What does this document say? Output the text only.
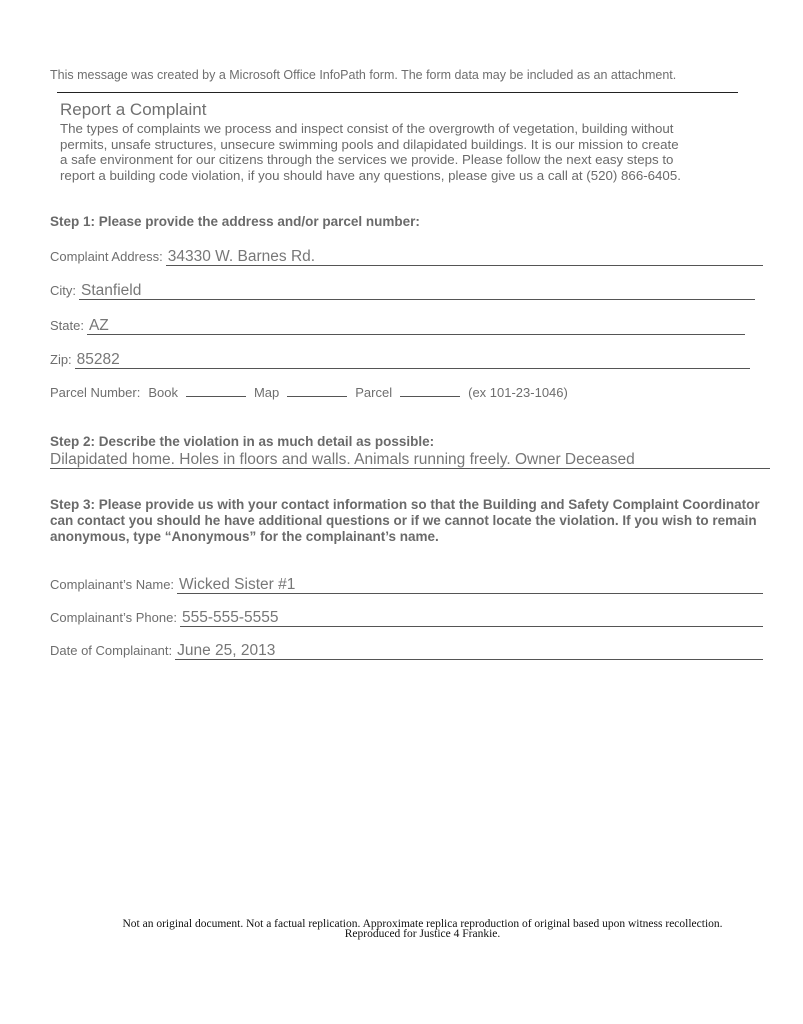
This message was created by a Microsoft Office InfoPath form. The form data may be included as an attachment.
Report a Complaint
The types of complaints we process and inspect consist of the overgrowth of vegetation, building without
permits, unsafe structures, unsecure swimming pools and dilapidated buildings. It is our mission to create
a safe environment for our citizens through the services we provide. Please follow the next easy steps to
report a building code violation, if you should have any questions, please give us a call at (520) 866-6405.
Step 1: Please provide the address and/or parcel number:
Complaint Address: 34330 W. Barnes Rd.
City: Stanfield
State: AZ
Zip: 85282
Parcel Number: Book	Map	Parcel	(ex 101-23-1046)
Step 2: Describe the violation in as much detail as possible:
Dilapidated home. Holes in floors and walls. Animals running freely. Owner Deceased
Step 3: Please provide us with your contact information so that the Building and Safety Complaint Coordinator can contact you should he have additional questions or if we cannot locate the violation. If you wish to remain anonymous, type “Anonymous” for the complainant’s name.
Complainant’s Name: Wicked Sister #1
Complainant’s Phone: 555-555-5555
Date of Complainant: June 25, 2013
Not an original document. Not a factual replication. Approximate replica reproduction of original based upon witness recollection.
Reproduced for Justice 4 Frankie.
